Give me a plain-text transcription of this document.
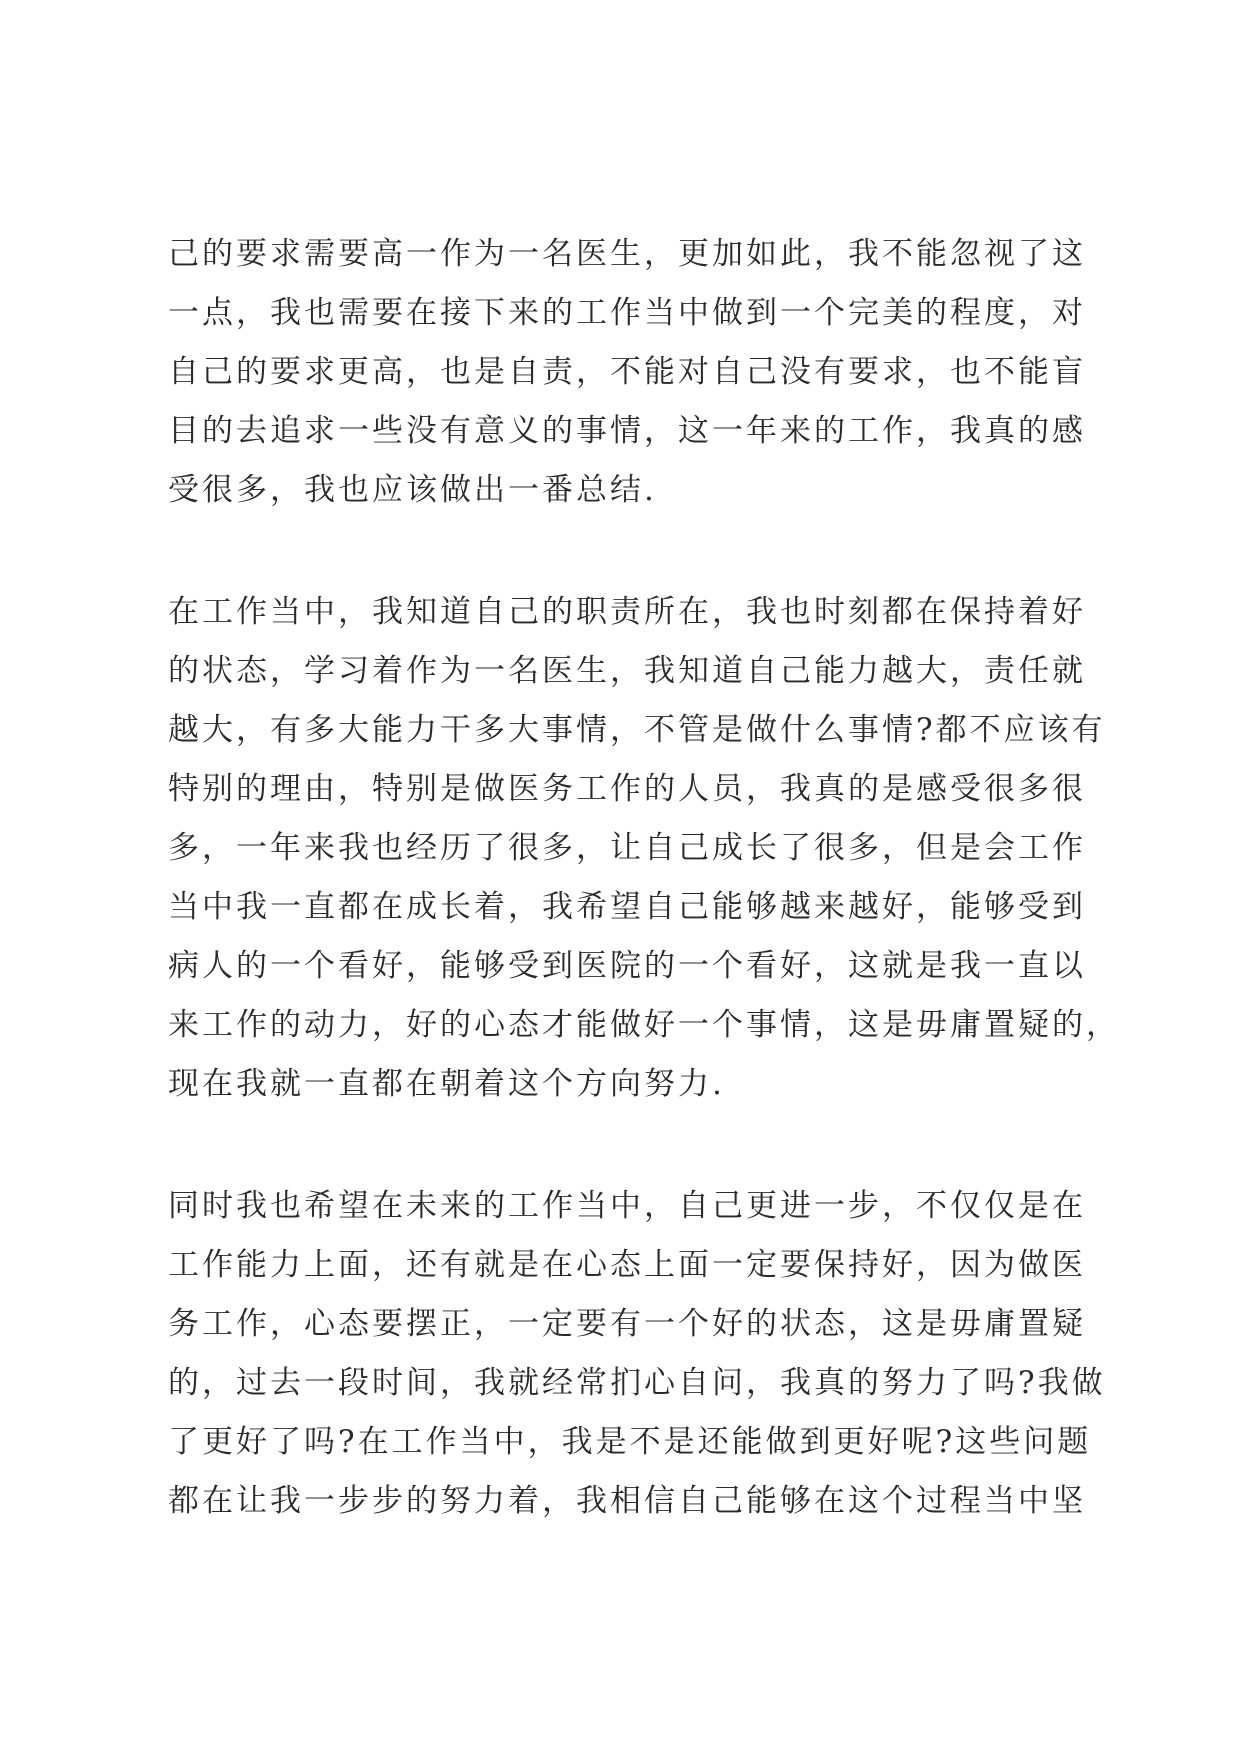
己的要求需要高一作为一名医生，更加如此，我不能忽视了这
一点，我也需要在接下来的工作当中做到一个完美的程度，对
自己的要求更高，也是自责，不能对自己没有要求，也不能盲
目的去追求一些没有意义的事情，这一年来的工作，我真的感
受很多，我也应该做出一番总结.
在工作当中，我知道自己的职责所在，我也时刻都在保持着好
的状态，学习着作为一名医生，我知道自己能力越大，责任就
越大，有多大能力干多大事情，不管是做什么事情?都不应该有
特别的理由，特别是做医务工作的人员，我真的是感受很多很
多，一年来我也经历了很多，让自己成长了很多，但是会工作
当中我一直都在成长着，我希望自己能够越来越好，能够受到
病人的一个看好，能够受到医院的一个看好，这就是我一直以
来工作的动力，好的心态才能做好一个事情，这是毋庸置疑的，
现在我就一直都在朝着这个方向努力.
同时我也希望在未来的工作当中，自己更进一步，不仅仅是在
工作能力上面，还有就是在心态上面一定要保持好，因为做医
务工作，心态要摆正，一定要有一个好的状态，这是毋庸置疑
的，过去一段时间，我就经常扪心自问，我真的努力了吗?我做
了更好了吗?在工作当中，我是不是还能做到更好呢?这些问题
都在让我一步步的努力着，我相信自己能够在这个过程当中坚
